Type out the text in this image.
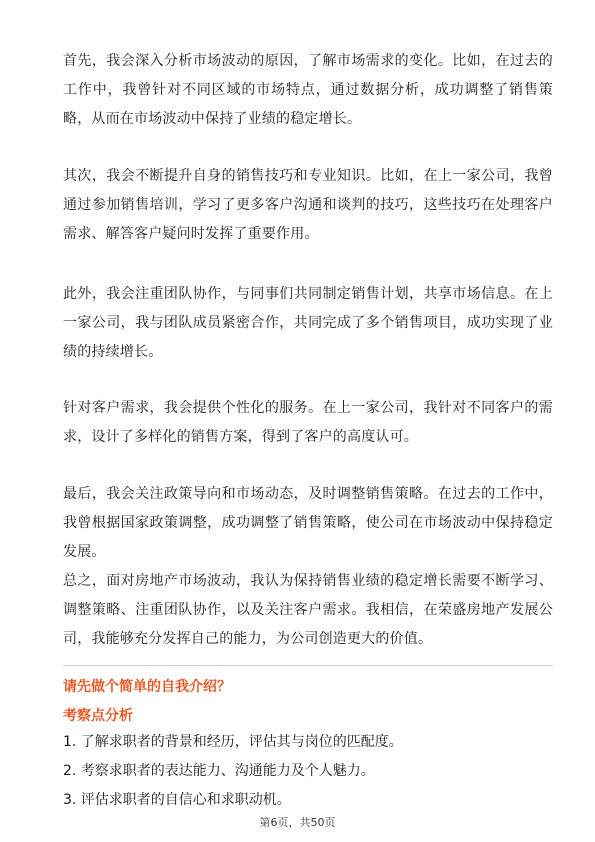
首先，我会深入分析市场波动的原因，了解市场需求的变化。比如，在过去的工作中，我曾针对不同区域的市场特点，通过数据分析，成功调整了销售策略，从而在市场波动中保持了业绩的稳定增长。

其次，我会不断提升自身的销售技巧和专业知识。比如，在上一家公司，我曾通过参加销售培训，学习了更多客户沟通和谈判的技巧，这些技巧在处理客户需求、解答客户疑问时发挥了重要作用。

此外，我会注重团队协作，与同事们共同制定销售计划，共享市场信息。在上一家公司，我与团队成员紧密合作，共同完成了多个销售项目，成功实现了业绩的持续增长。

针对客户需求，我会提供个性化的服务。在上一家公司，我针对不同客户的需求，设计了多样化的销售方案，得到了客户的高度认可。

最后，我会关注政策导向和市场动态，及时调整销售策略。在过去的工作中，我曾根据国家政策调整，成功调整了销售策略，使公司在市场波动中保持稳定发展。

总之，面对房地产市场波动，我认为保持销售业绩的稳定增长需要不断学习、调整策略、注重团队协作，以及关注客户需求。我相信，在荣盛房地产发展公司，我能够充分发挥自己的能力，为公司创造更大的价值。

请先做个简单的自我介绍？

考察点分析

1. 了解求职者的背景和经历，评估其与岗位的匹配度。
2. 考察求职者的表达能力、沟通能力及个人魅力。
3. 评估求职者的自信心和求职动机。
第6页，共50页
